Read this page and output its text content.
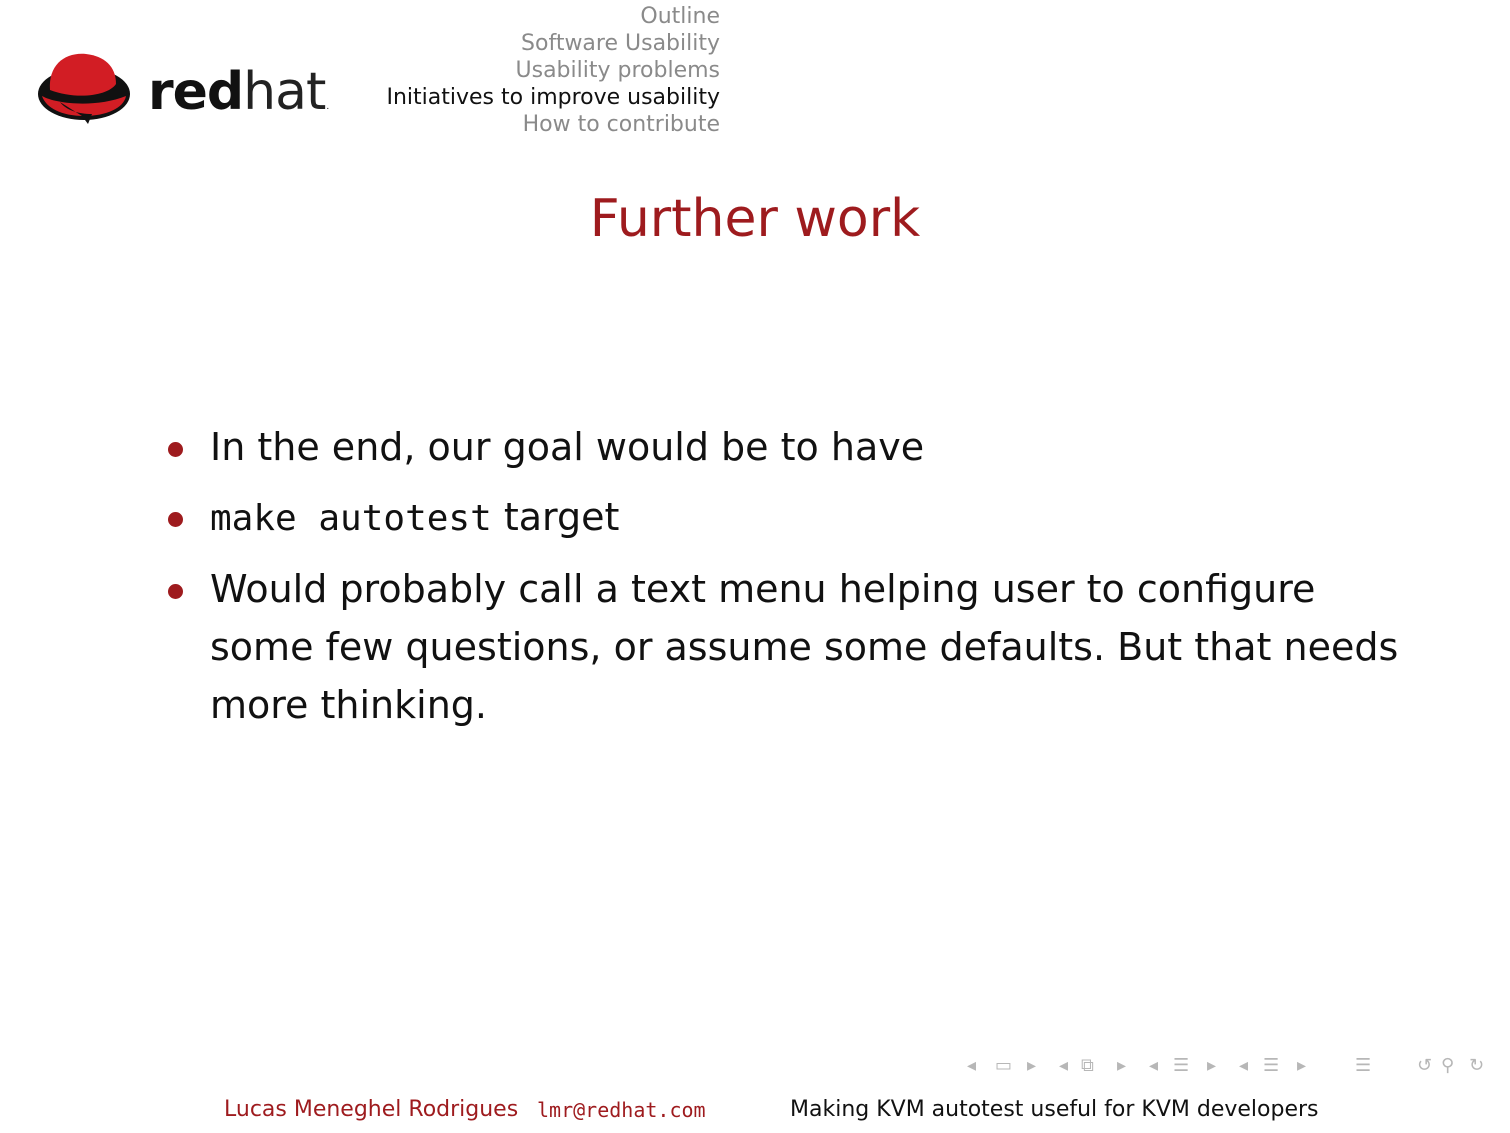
redhat.
Outline
Software Usability
Usability problems
Initiatives to improve usability
How to contribute
Further work
In the end, our goal would be to have
make autotest target
Would probably call a text menu helping user to configure some few questions, or assume some defaults. But that needs more thinking.
◂ ▭ ▸ ◂ ⧉ ▸ ◂ ☰ ▸ ◂ ☰ ▸	☰	↺ ⚲ ↻
Lucas Meneghel Rodrigues lmr@redhat.com	Making KVM autotest useful for KVM developers
